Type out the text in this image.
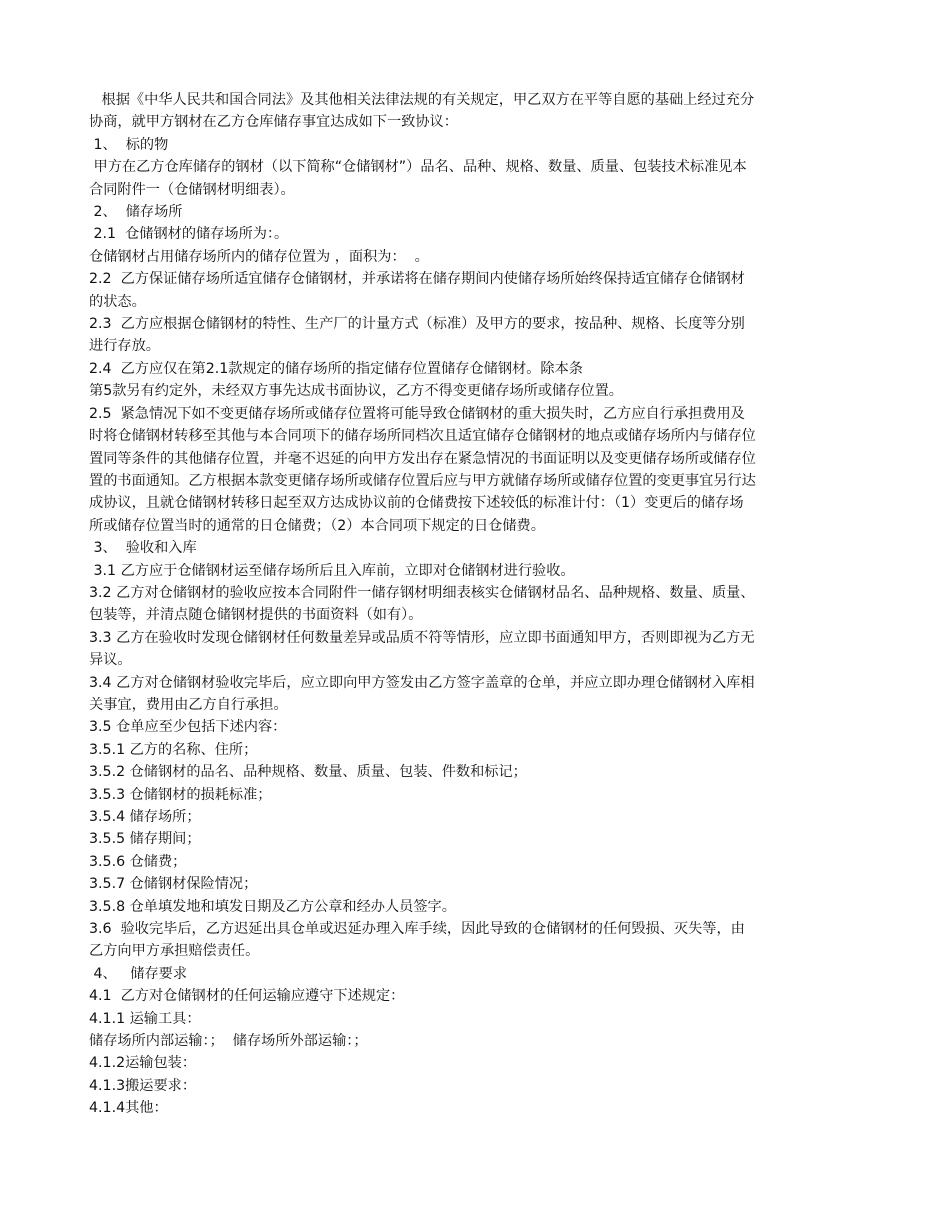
根据《中华人民共和国合同法》及其他相关法律法规的有关规定，甲乙双方在平等自愿的基础上经过充分
协商，就甲方钢材在乙方仓库储存事宜达成如下一致协议：
1、  标的物
甲方在乙方仓库储存的钢材（以下简称“仓储钢材”）品名、品种、规格、数量、质量、包装技术标准见本
合同附件一（仓储钢材明细表）。
2、  储存场所
2.1  仓储钢材的储存场所为：。
仓储钢材占用储存场所内的储存位置为 ，面积为：  。
2.2  乙方保证储存场所适宜储存仓储钢材，并承诺将在储存期间内使储存场所始终保持适宜储存仓储钢材
的状态。
2.3  乙方应根据仓储钢材的特性、生产厂的计量方式（标准）及甲方的要求，按品种、规格、长度等分别
进行存放。
2.4  乙方应仅在第2.1款规定的储存场所的指定储存位置储存仓储钢材。除本条
第5款另有约定外，未经双方事先达成书面协议，乙方不得变更储存场所或储存位置。
2.5  紧急情况下如不变更储存场所或储存位置将可能导致仓储钢材的重大损失时，乙方应自行承担费用及
时将仓储钢材转移至其他与本合同项下的储存场所同档次且适宜储存仓储钢材的地点或储存场所内与储存位
置同等条件的其他储存位置，并毫不迟延的向甲方发出存在紧急情况的书面证明以及变更储存场所或储存位
置的书面通知。乙方根据本款变更储存场所或储存位置后应与甲方就储存场所或储存位置的变更事宜另行达
成协议，且就仓储钢材转移日起至双方达成协议前的仓储费按下述较低的标准计付：（1）变更后的储存场
所或储存位置当时的通常的日仓储费；（2）本合同项下规定的日仓储费。
3、  验收和入库
3.1 乙方应于仓储钢材运至储存场所后且入库前，立即对仓储钢材进行验收。
3.2 乙方对仓储钢材的验收应按本合同附件一储存钢材明细表核实仓储钢材品名、品种规格、数量、质量、
包装等，并清点随仓储钢材提供的书面资料（如有）。
3.3 乙方在验收时发现仓储钢材任何数量差异或品质不符等情形，应立即书面通知甲方，否则即视为乙方无
异议。
3.4 乙方对仓储钢材验收完毕后，应立即向甲方签发由乙方签字盖章的仓单，并应立即办理仓储钢材入库相
关事宜，费用由乙方自行承担。
3.5 仓单应至少包括下述内容：
3.5.1 乙方的名称、住所；
3.5.2 仓储钢材的品名、品种规格、数量、质量、包装、件数和标记；
3.5.3 仓储钢材的损耗标准；
3.5.4 储存场所；
3.5.5 储存期间；
3.5.6 仓储费；
3.5.7 仓储钢材保险情况；
3.5.8 仓单填发地和填发日期及乙方公章和经办人员签字。
3.6  验收完毕后，乙方迟延出具仓单或迟延办理入库手续，因此导致的仓储钢材的任何毁损、灭失等，由
乙方向甲方承担赔偿责任。
4、   储存要求
4.1  乙方对仓储钢材的任何运输应遵守下述规定：
4.1.1 运输工具：
储存场所内部运输：；  储存场所外部运输：；
4.1.2运输包装：
4.1.3搬运要求：
4.1.4其他：
